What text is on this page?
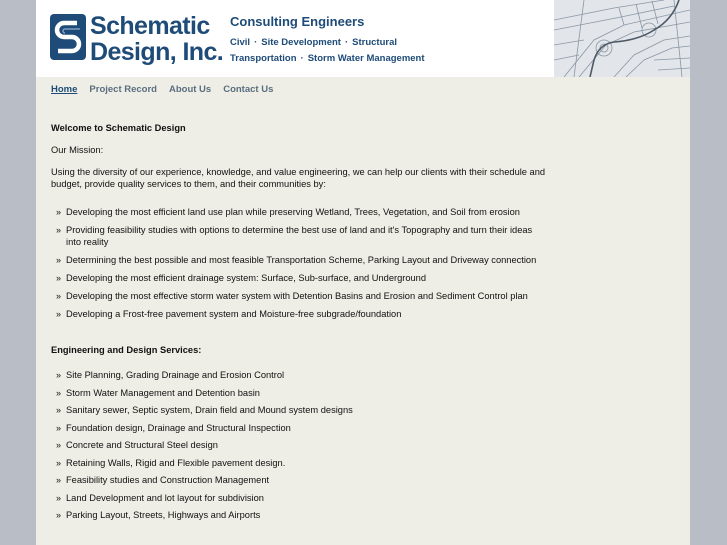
Schematic
Design, Inc.
Consulting Engineers
Civil · Site Development · Structural
Transportation · Storm Water Management
Home Project Record About Us Contact Us

Welcome to Schematic Design

Our Mission:

Using the diversity of our experience, knowledge, and value engineering, we can help our clients with their schedule and budget, provide quality services to them, and their communities by:

» Developing the most efficient land use plan while preserving Wetland, Trees, Vegetation, and Soil from erosion
» Providing feasibility studies with options to determine the best use of land and it's Topography and turn their ideas into reality
» Determining the best possible and most feasible Transportation Scheme, Parking Layout and Driveway connection
» Developing the most efficient drainage system: Surface, Sub-surface, and Underground
» Developing the most effective storm water system with Detention Basins and Erosion and Sediment Control plan
» Developing a Frost-free pavement system and Moisture-free subgrade/foundation

Engineering and Design Services:

» Site Planning, Grading Drainage and Erosion Control
» Storm Water Management and Detention basin
» Sanitary sewer, Septic system, Drain field and Mound system designs
» Foundation design, Drainage and Structural Inspection
» Concrete and Structural Steel design
» Retaining Walls, Rigid and Flexible pavement design.
» Feasibility studies and Construction Management
» Land Development and lot layout for subdivision
» Parking Layout, Streets, Highways and Airports
